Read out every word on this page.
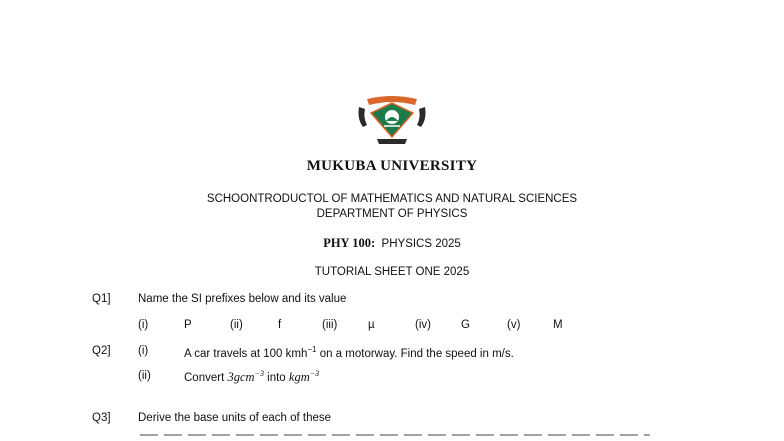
MUKUBA UNIVERSITY
SCHOONTRODUCTOL OF MATHEMATICS AND NATURAL SCIENCES
DEPARTMENT OF PHYSICS
PHY 100: PHYSICS 2025
TUTORIAL SHEET ONE 2025
Q1] Name the SI prefixes below and its value
(i)	P	(ii)	f	(iii)	µ	(iv)	G	(v)	M
Q2] (i)	A car travels at 100 kmh$^{-1}$ on a motorway. Find the speed in m/s.
(ii)	Convert 3gcm$^{-3}$ into kgm$^{-3}$
Q3] Derive the base units of each of these
